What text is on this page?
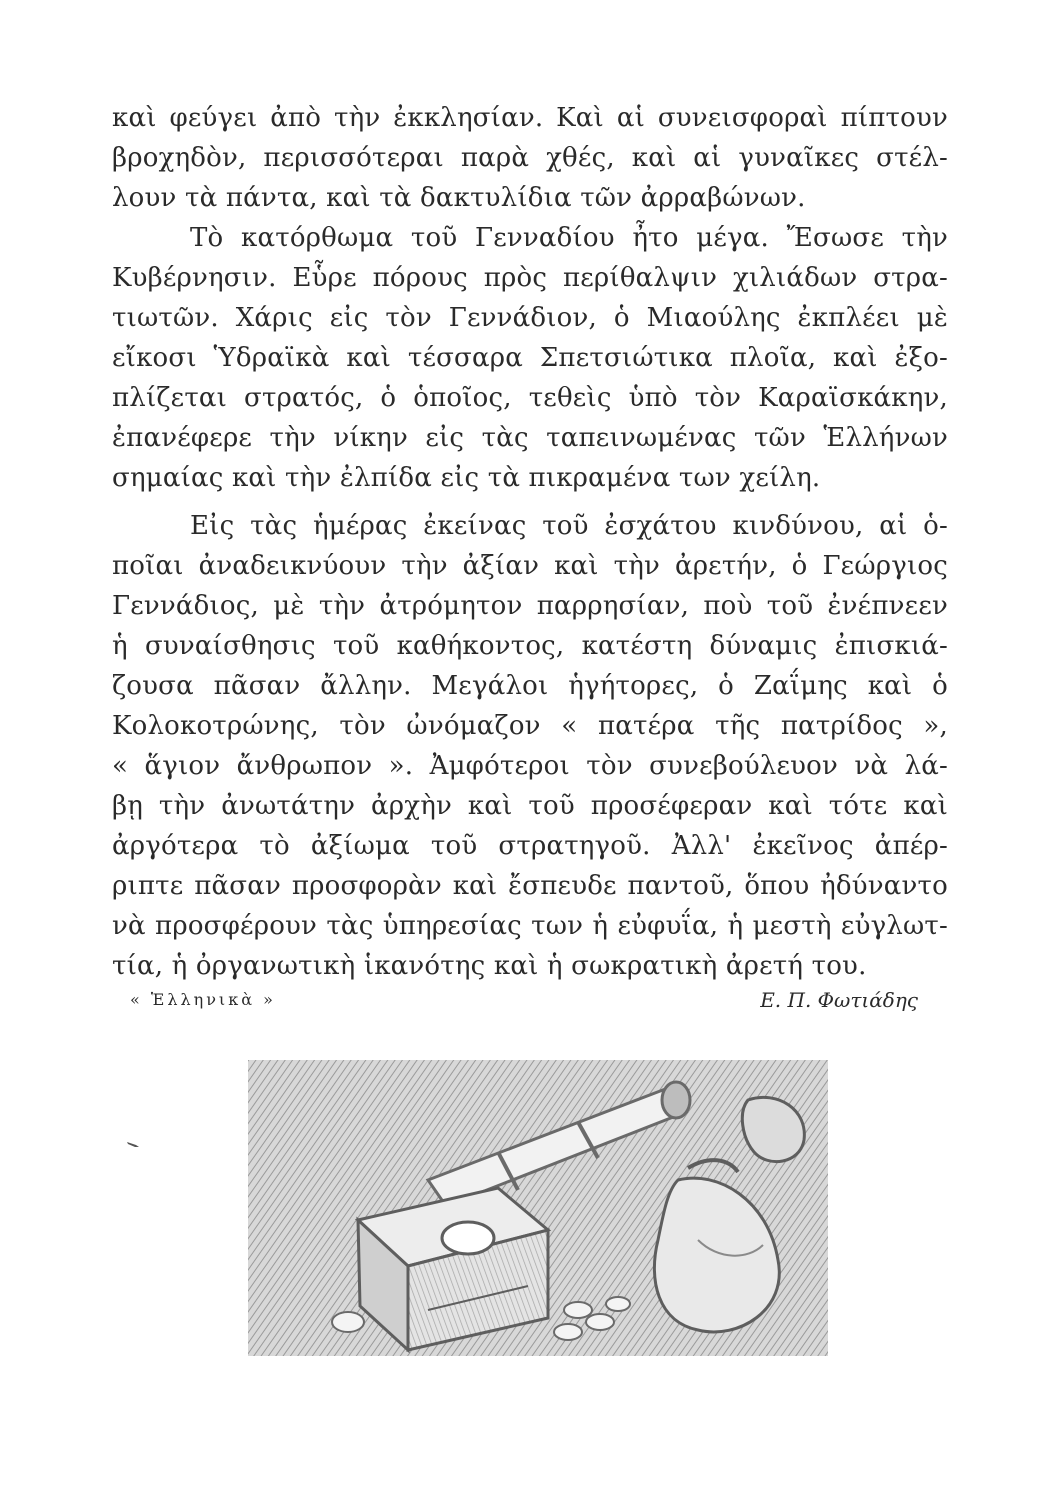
καὶ φεύγει ἀπὸ τὴν ἐκκλησίαν. Καὶ αἱ συνεισφοραὶ πίπτουν
βροχηδὸν, περισσότεραι παρὰ χθές, καὶ αἱ γυναῖκες στέλ-
λουν τὰ πάντα, καὶ τὰ δακτυλίδια τῶν ἀρραβώνων.
Τὸ κατόρθωμα τοῦ Γενναδίου ἦτο μέγα. Ἔσωσε τὴν
Κυβέρνησιν. Εὗρε πόρους πρὸς περίθαλψιν χιλιάδων στρα-
τιωτῶν. Χάρις εἰς τὸν Γεννάδιον, ὁ Μιαούλης ἐκπλέει μὲ
εἴκοσι Ὑδραϊκὰ καὶ τέσσαρα Σπετσιώτικα πλοῖα, καὶ ἐξο-
πλίζεται στρατός, ὁ ὁποῖος, τεθεὶς ὑπὸ τὸν Καραϊσκάκην,
ἐπανέφερε τὴν νίκην εἰς τὰς ταπεινωμένας τῶν Ἑλλήνων
σημαίας καὶ τὴν ἐλπίδα εἰς τὰ πικραμένα των χείλη.
Εἰς τὰς ἡμέρας ἐκείνας τοῦ ἐσχάτου κινδύνου, αἱ ὁ-
ποῖαι ἀναδεικνύουν τὴν ἀξίαν καὶ τὴν ἀρετήν, ὁ Γεώργιος
Γεννάδιος, μὲ τὴν ἀτρόμητον παρρησίαν, ποὺ τοῦ ἐνέπνεεν
ἡ συναίσθησις τοῦ καθήκοντος, κατέστη δύναμις ἐπισκιά-
ζουσα πᾶσαν ἄλλην. Μεγάλοι ἡγήτορες, ὁ Ζαΐμης καὶ ὁ
Κολοκοτρώνης, τὸν ὠνόμαζον « πατέρα τῆς πατρίδος »,
« ἅγιον ἄνθρωπον ». Ἀμφότεροι τὸν συνεβούλευον νὰ λά-
βῃ τὴν ἀνωτάτην ἀρχὴν καὶ τοῦ προσέφεραν καὶ τότε καὶ
ἀργότερα τὸ ἀξίωμα τοῦ στρατηγοῦ. Ἀλλ' ἐκεῖνος ἀπέρ-
ριπτε πᾶσαν προσφορὰν καὶ ἔσπευδε παντοῦ, ὅπου ἠδύναντο
νὰ προσφέρουν τὰς ὑπηρεσίας των ἡ εὐφυΐα, ἡ μεστὴ εὐγλωτ-
τία, ἡ ὀργανωτικὴ ἱκανότης καὶ ἡ σωκρατικὴ ἀρετή του.
« Ἑλληνικὰ »	Ε. Π. Φωτιάδης
